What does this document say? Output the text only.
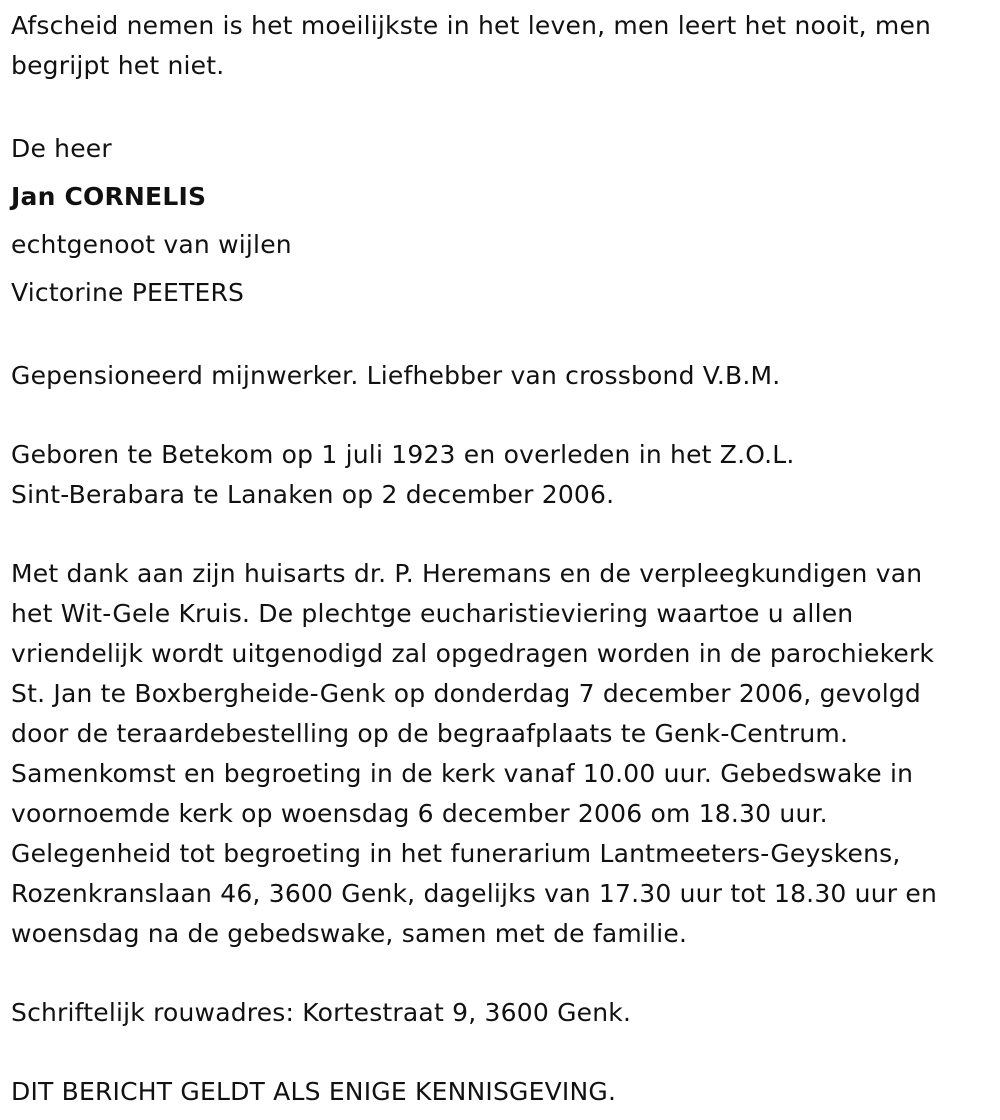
Afscheid nemen is het moeilijkste in het leven, men leert het nooit, men
begrijpt het niet.
De heer
Jan CORNELIS
echtgenoot van wijlen
Victorine PEETERS
Gepensioneerd mijnwerker. Liefhebber van crossbond V.B.M.
Geboren te Betekom op 1 juli 1923 en overleden in het Z.O.L.
Sint-Berabara te Lanaken op 2 december 2006.
Met dank aan zijn huisarts dr. P. Heremans en de verpleegkundigen van
het Wit-Gele Kruis. De plechtge eucharistieviering waartoe u allen
vriendelijk wordt uitgenodigd zal opgedragen worden in de parochiekerk
St. Jan te Boxbergheide-Genk op donderdag 7 december 2006, gevolgd
door de teraardebestelling op de begraafplaats te Genk-Centrum.
Samenkomst en begroeting in de kerk vanaf 10.00 uur. Gebedswake in
voornoemde kerk op woensdag 6 december 2006 om 18.30 uur.
Gelegenheid tot begroeting in het funerarium Lantmeeters-Geyskens,
Rozenkranslaan 46, 3600 Genk, dagelijks van 17.30 uur tot 18.30 uur en
woensdag na de gebedswake, samen met de familie.
Schriftelijk rouwadres: Kortestraat 9, 3600 Genk.
DIT BERICHT GELDT ALS ENIGE KENNISGEVING.
